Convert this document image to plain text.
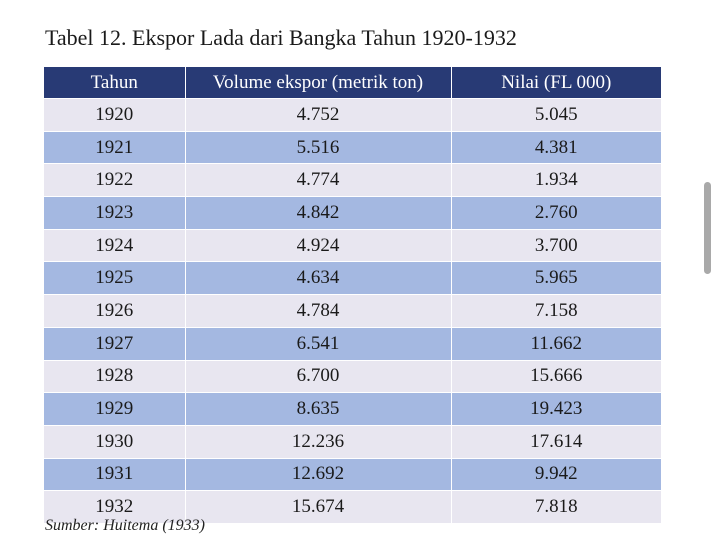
Tabel 12. Ekspor Lada dari Bangka Tahun 1920-1932
Tahun	Volume ekspor (metrik ton)	Nilai (FL 000)
1920	4.752	5.045
1921	5.516	4.381
1922	4.774	1.934
1923	4.842	2.760
1924	4.924	3.700
1925	4.634	5.965
1926	4.784	7.158
1927	6.541	11.662
1928	6.700	15.666
1929	8.635	19.423
1930	12.236	17.614
1931	12.692	9.942
1932	15.674	7.818
Sumber: Huitema (1933)
